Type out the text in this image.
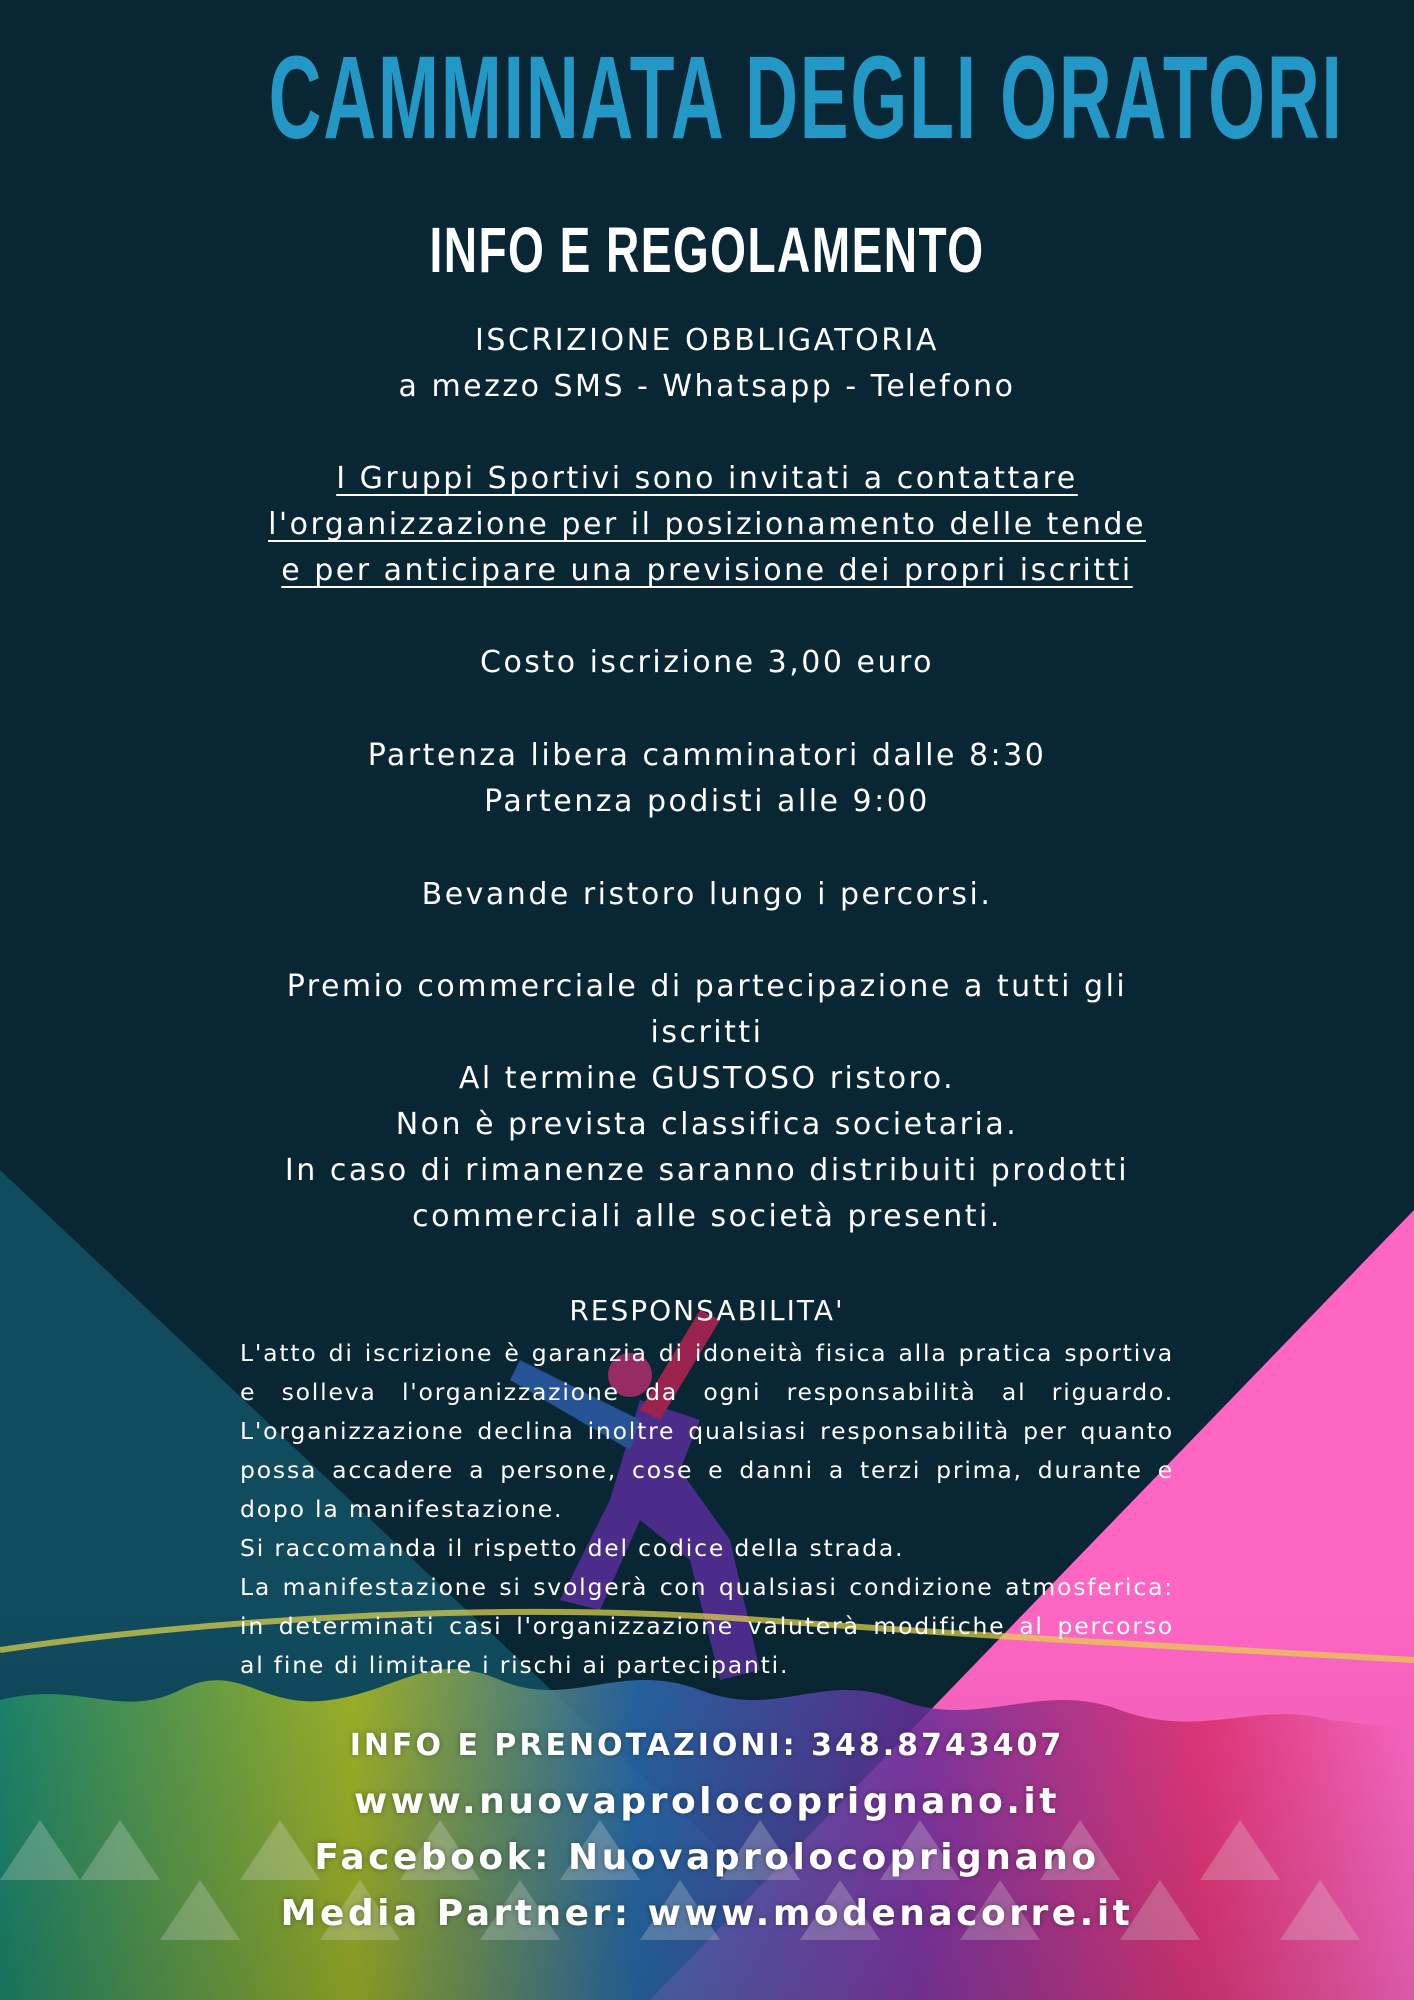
CAMMINATA DEGLI ORATORI
INFO E REGOLAMENTO
ISCRIZIONE OBBLIGATORIA
a mezzo SMS - Whatsapp - Telefono
I Gruppi Sportivi sono invitati a contattare
l'organizzazione per il posizionamento delle tende
e per anticipare una previsione dei propri iscritti
Costo iscrizione 3,00 euro
Partenza libera camminatori dalle 8:30
Partenza podisti alle 9:00
Bevande ristoro lungo i percorsi.
Premio commerciale di partecipazione a tutti gli
iscritti
Al termine GUSTOSO ristoro.
Non è prevista classifica societaria.
In caso di rimanenze saranno distribuiti prodotti
commerciali alle società presenti.
RESPONSABILITA'

L'atto di iscrizione è garanzia di idoneità fisica alla pratica sportiva e solleva l'organizzazione da ogni responsabilità al riguardo. L'organizzazione declina inoltre qualsiasi responsabilità per quanto possa accadere a persone, cose e danni a terzi prima, durante e dopo la manifestazione.

Si raccomanda il rispetto del codice della strada.

La manifestazione si svolgerà con qualsiasi condizione atmosferica: in determinati casi l'organizzazione valuterà modifiche al percorso al fine di limitare i rischi ai partecipanti.

INFO E PRENOTAZIONI: 348.8743407
www.nuovaprolocoprignano.it
Facebook: Nuovaprolocoprignano
Media Partner: www.modenacorre.it
